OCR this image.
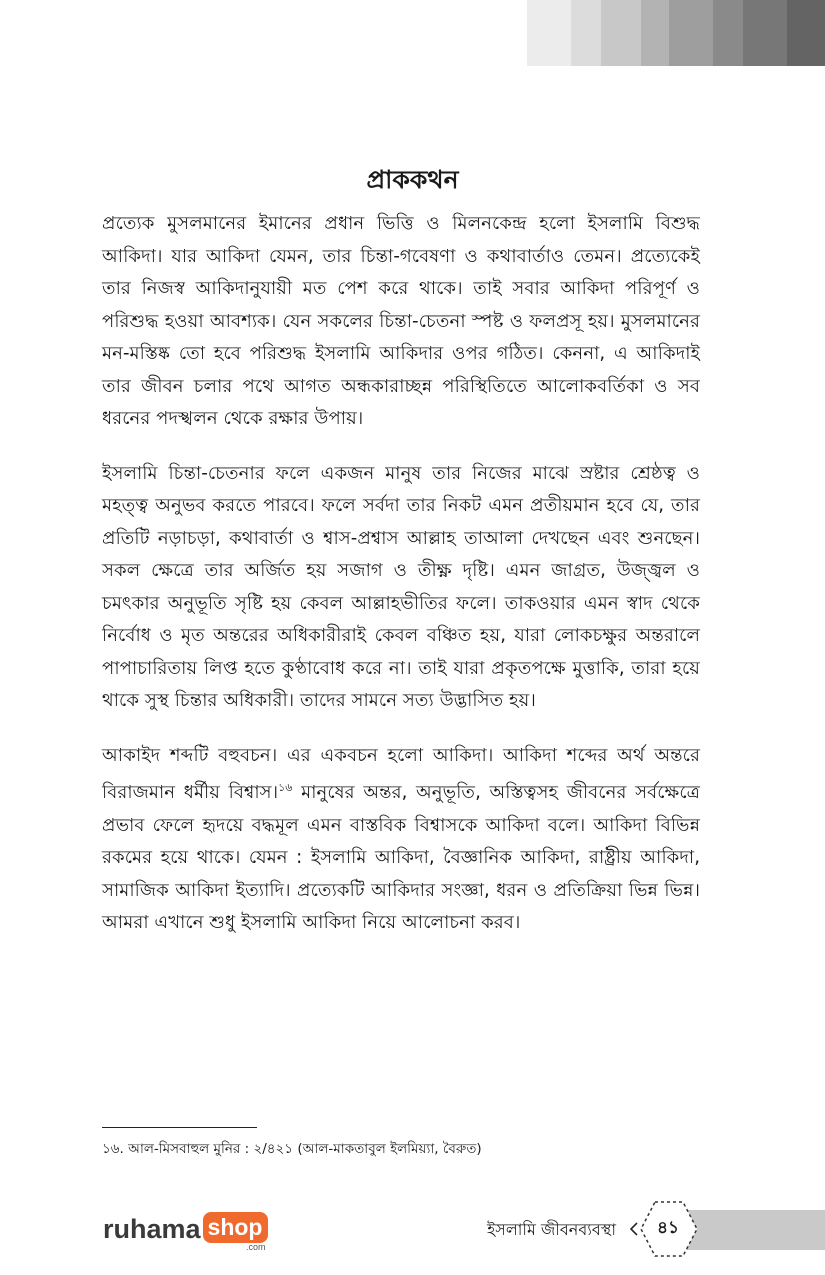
প্রাককথন

প্রত্যেক মুসলমানের ইমানের প্রধান ভিত্তি ও মিলনকেন্দ্র হলো ইসলামি বিশুদ্ধ আকিদা। যার আকিদা যেমন, তার চিন্তা-গবেষণা ও কথাবার্তাও তেমন। প্রত্যেকেই তার নিজস্ব আকিদানুযায়ী মত পেশ করে থাকে। তাই সবার আকিদা পরিপূর্ণ ও পরিশুদ্ধ হওয়া আবশ্যক। যেন সকলের চিন্তা-চেতনা স্পষ্ট ও ফলপ্রসূ হয়। মুসলমানের মন-মস্তিষ্ক তো হবে পরিশুদ্ধ ইসলামি আকিদার ওপর গঠিত। কেননা, এ আকিদাই তার জীবন চলার পথে আগত অন্ধকারাচ্ছন্ন পরিস্থিতিতে আলোকবর্তিকা ও সব ধরনের পদস্খলন থেকে রক্ষার উপায়।

ইসলামি চিন্তা-চেতনার ফলে একজন মানুষ তার নিজের মাঝে স্রষ্টার শ্রেষ্ঠত্ব ও মহত্ত্ব অনুভব করতে পারবে। ফলে সর্বদা তার নিকট এমন প্রতীয়মান হবে যে, তার প্রতিটি নড়াচড়া, কথাবার্তা ও শ্বাস-প্রশ্বাস আল্লাহ তাআলা দেখছেন এবং শুনছেন। সকল ক্ষেত্রে তার অর্জিত হয় সজাগ ও তীক্ষ্ণ দৃষ্টি। এমন জাগ্রত, উজ্জ্বল ও চমৎকার অনুভূতি সৃষ্টি হয় কেবল আল্লাহভীতির ফলে। তাকওয়ার এমন স্বাদ থেকে নির্বোধ ও মৃত অন্তরের অধিকারীরাই কেবল বঞ্চিত হয়, যারা লোকচক্ষুর অন্তরালে পাপাচারিতায় লিপ্ত হতে কুণ্ঠাবোধ করে না। তাই যারা প্রকৃতপক্ষে মুত্তাকি, তারা হয়ে থাকে সুস্থ চিন্তার অধিকারী। তাদের সামনে সত্য উদ্ভাসিত হয়।

আকাইদ শব্দটি বহুবচন। এর একবচন হলো আকিদা। আকিদা শব্দের অর্থ অন্তরে বিরাজমান ধর্মীয় বিশ্বাস।$^{১৬}$ মানুষের অন্তর, অনুভূতি, অস্তিত্বসহ জীবনের সর্বক্ষেত্রে প্রভাব ফেলে হৃদয়ে বদ্ধমূল এমন বাস্তবিক বিশ্বাসকে আকিদা বলে। আকিদা বিভিন্ন রকমের হয়ে থাকে। যেমন : ইসলামি আকিদা, বৈজ্ঞানিক আকিদা, রাষ্ট্রীয় আকিদা, সামাজিক আকিদা ইত্যাদি। প্রত্যেকটি আকিদার সংজ্ঞা, ধরন ও প্রতিক্রিয়া ভিন্ন ভিন্ন। আমরা এখানে শুধু ইসলামি আকিদা নিয়ে আলোচনা করব।

১৬. আল-মিসবাহুল মুনির : ২/৪২১ (আল-মাকতাবুল ইলমিয়্যা, বৈরুত)

ruhama shop
.com

ইসলামি জীবনব্যবস্থা	৪১
